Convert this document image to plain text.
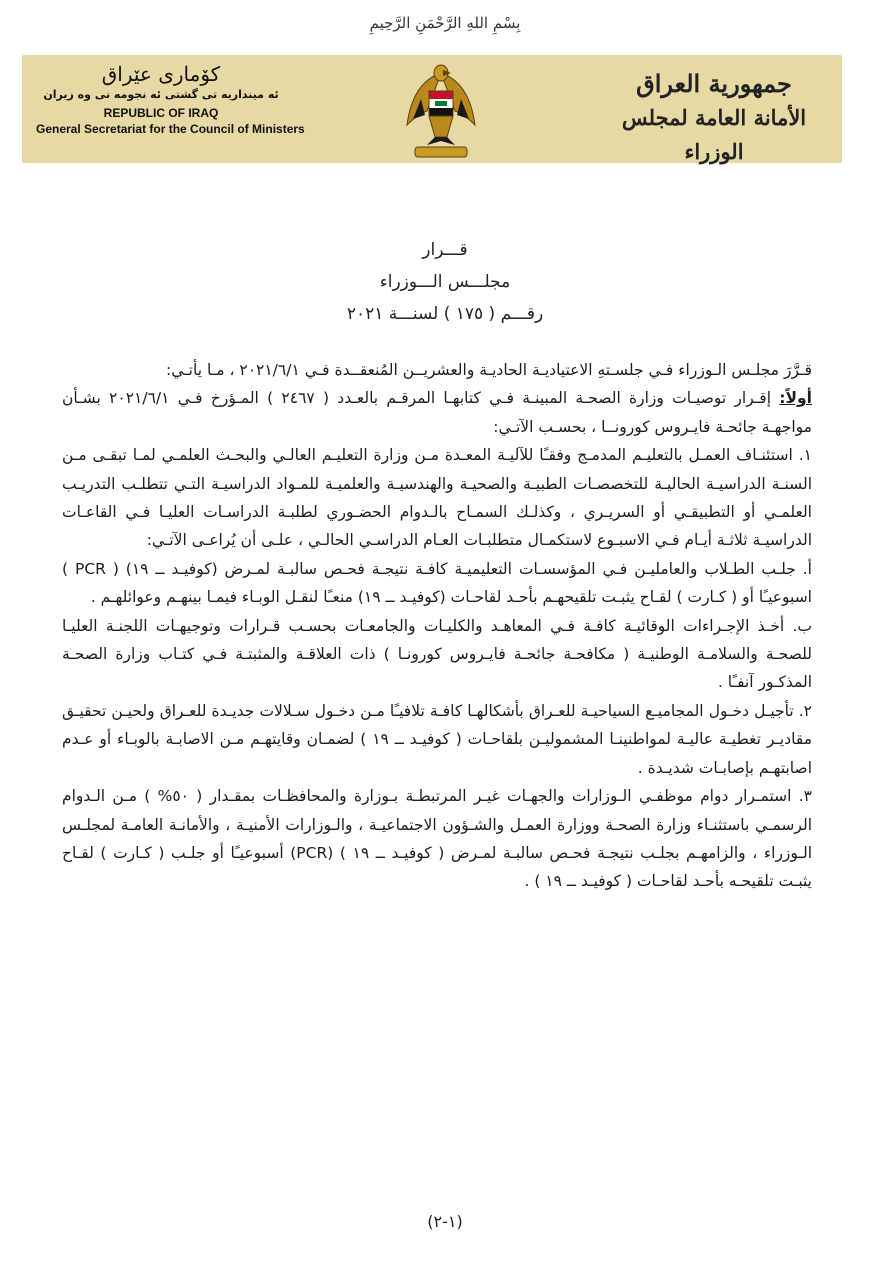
بِسْمِ اللهِ الرَّحْمَنِ الرَّحِيمِ
کۆماری عێراق
ئه‌ مینداریه‌ تی گشتی ئه‌ نجومه‌ نی وه‌ زیران
REPUBLIC OF IRAQ
General Secretariat for the Council of Ministers
جمهورية العراق
الأمانة العامة لمجلس الوزراء
قـــرار
مجلـــس الـــوزراء
رقـــم ( ١٧٥ ) لسنـــة ٢٠٢١

قـرَّرَ مجلـس الـوزراء فـي جلسـتهِ الاعتياديـة الحاديـة والعشريــن المُنعقــدة فـي ٢٠٢١/٦/١ ، مـا يأتـي:

أولاً: إقـرار توصيـات وزارة الصحـة المبينـة فـي كتابهـا المرقـم بالعـدد ( ٢٤٦٧ ) المـؤرخ فـي ٢٠٢١/٦/١ بشـأن مواجهـة جائحـة فايـروس كورونــا ، بحسـب الآتـي:

١. استئنـاف العمـل بالتعليـم المدمـج وفقـًا للآليـة المعـدة مـن وزارة التعليـم العالـي والبحـث العلمـي لمـا تبقـى مـن السنـة الدراسيـة الحاليـة للتخصصـات الطبيـة والصحيـة والهندسيـة والعلميـة للمـواد الدراسيـة التـي تتطلـب التدريـب العلمـي أو التطبيقـي أو السريـري ، وكذلـك السمـاح بالـدوام الحضـوري لطلبـة الدراسـات العليـا فـي القاعـات الدراسيـة ثلاثـة أيـام فـي الاسبـوع لاستكمـال متطلبـات العـام الدراسـي الحالـي ، علـى أن يُراعـى الآتـي:

أ. جلـب الطـلاب والعامليـن فـي المؤسسـات التعليميـة كافـة نتيجـة فحـص سالبـة لمـرض (كوفيـد ــ ١٩) ( PCR ) اسبوعيـًا أو ( كـارت ) لقـاح يثبـت تلقيحهـم بأحـد لقاحـات (كوفيـد ــ ١٩) منعـًا لنقـل الوبـاء فيمـا بينهـم وعوائلهـم .

ب. أخـذ الإجـراءات الوقائيـة كافـة فـي المعاهـد والكليـات والجامعـات بحسـب قـرارات وتوجيهـات اللجنـة العليـا للصحـة والسلامـة الوطنيـة ( مكافحـة جائحـة فايـروس كورونـا ) ذات العلاقـة والمثبتـة فـي كتـاب وزارة الصحـة المذكـور آنفـًا .

٢. تأجيـل دخـول المجاميـع السياحيـة للعـراق بأشكالهـا كافـة تلافيـًا مـن دخـول سـلالات جديـدة للعـراق ولحيـن تحقيـق مقاديـر تغطيـة عاليـة لمواطنينـا المشموليـن بلقاحـات ( كوفيـد ــ ١٩ ) لضمـان وقايتهـم مـن الاصابـة بالوبـاء أو عـدم اصابتهـم بإصابـات شديـدة .

٣. استمـرار دوام موظفـي الـوزارات والجهـات غيـر المرتبطـة بـوزارة والمحافظـات بمقـدار ( ٥٠% ) مـن الـدوام الرسمـي باستثنـاء وزارة الصحـة ووزارة العمـل والشـؤون الاجتماعيـة ، والـوزارات الأمنيـة ، والأمانـة العامـة لمجلـس الـوزراء ، والزامهـم بجلـب نتيجـة فحـص سالبـة لمـرض ( كوفيـد ــ ١٩ ) (PCR) أسبوعيـًا أو جلـب ( كـارت ) لقـاح يثبـت تلقيحـه بأحـد لقاحـات ( كوفيـد ــ ١٩ ) .

(١-٢)
